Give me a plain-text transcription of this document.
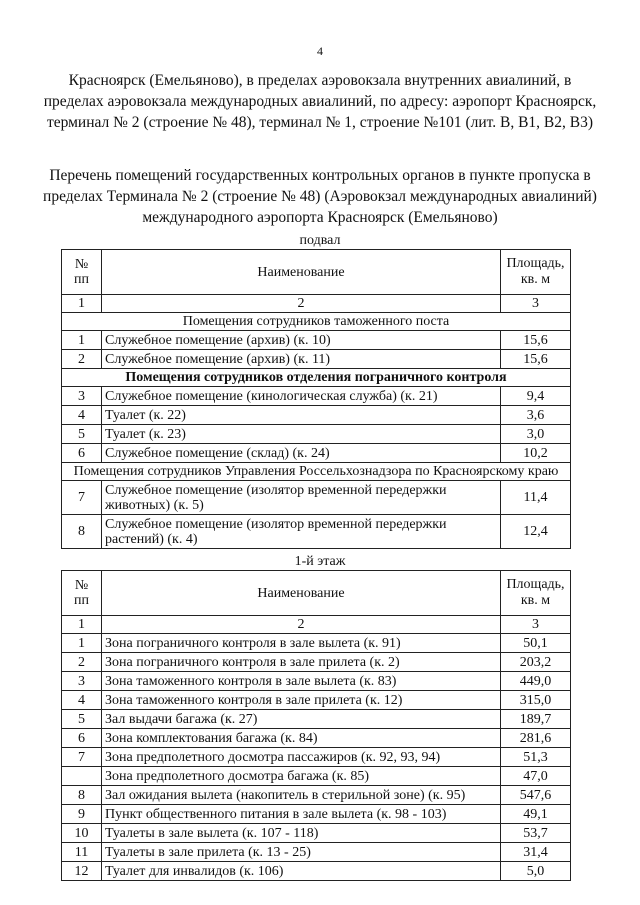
4
Красноярск (Емельяново), в пределах аэровокзала внутренних авиалиний, в пределах аэровокзала международных авиалиний, по адресу: аэропорт Красноярск, терминал № 2 (строение № 48), терминал № 1, строение №101 (лит. В, В1, В2, В3)
Перечень помещений государственных контрольных органов в пункте пропуска в пределах Терминала № 2 (строение № 48) (Аэровокзал международных авиалиний) международного аэропорта Красноярск (Емельяново)
подвал
№
пп	Наименование	Площадь,
кв. м
1	2	3
Помещения сотрудников таможенного поста		
1	Служебное помещение (архив) (к. 10)	15,6
2	Служебное помещение (архив) (к. 11)	15,6
Помещения сотрудников отделения пограничного контроля		
3	Служебное помещение (кинологическая служба) (к. 21)	9,4
4	Туалет (к. 22)	3,6
5	Туалет (к. 23)	3,0
6	Служебное помещение (склад) (к. 24)	10,2
Помещения сотрудников Управления Россельхознадзора по Красноярскому краю		
7	Служебное помещение (изолятор временной передержки животных) (к. 5)	11,4
8	Служебное помещение (изолятор временной передержки растений) (к. 4)	12,4
1-й этаж
№
пп	Наименование	Площадь,
кв. м
1	2	3
1	Зона пограничного контроля в зале вылета (к. 91)	50,1
2	Зона пограничного контроля в зале прилета (к. 2)	203,2
3	Зона таможенного контроля в зале вылета (к. 83)	449,0
4	Зона таможенного контроля в зале прилета (к. 12)	315,0
5	Зал выдачи багажа (к. 27)	189,7
6	Зона комплектования багажа (к. 84)	281,6
7	Зона предполетного досмотра пассажиров (к. 92, 93, 94)	51,3
	Зона предполетного досмотра багажа (к. 85)	47,0
8	Зал ожидания вылета (накопитель в стерильной зоне) (к. 95)	547,6
9	Пункт общественного питания в зале вылета (к. 98 - 103)	49,1
10	Туалеты в зале вылета (к. 107 - 118)	53,7
11	Туалеты в зале прилета (к. 13 - 25)	31,4
12	Туалет для инвалидов (к. 106)	5,0
